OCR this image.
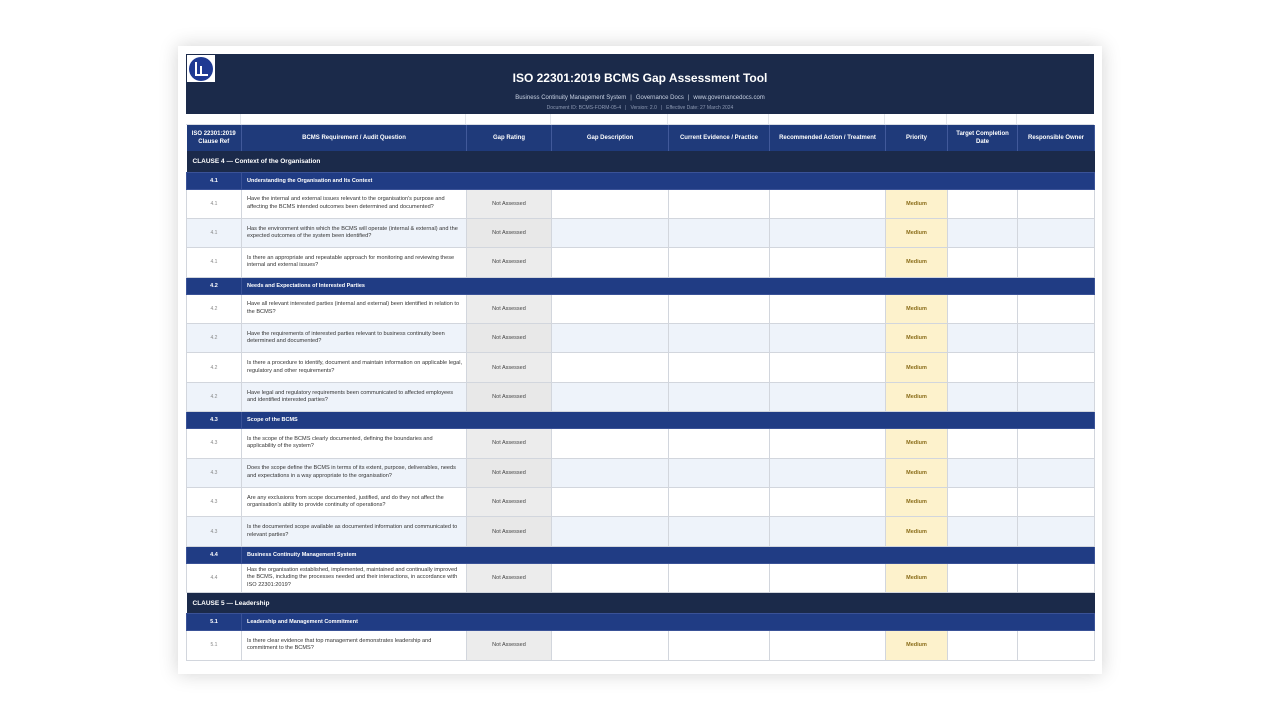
ISO 22301:2019 BCMS Gap Assessment Tool
Business Continuity Management System | Governance Docs | www.governancedocs.com
Document ID: BCMS-FORM-05-4 | Version: 2.0 | Effective Date: 27 March 2024
ISO 22301:2019 Clause Ref	BCMS Requirement / Audit Question	Gap Rating	Gap Description	Current Evidence / Practice	Recommended Action / Treatment	Priority	Target Completion Date	Responsible Owner
CLAUSE 4 — Context of the Organisation								
4.1	Understanding the Organisation and Its Context							
4.1	Have the internal and external issues relevant to the organisation's purpose and affecting the BCMS intended outcomes been determined and documented?	Not Assessed				Medium		
4.1	Has the environment within which the BCMS will operate (internal & external) and the expected outcomes of the system been identified?	Not Assessed				Medium		
4.1	Is there an appropriate and repeatable approach for monitoring and reviewing these internal and external issues?	Not Assessed				Medium		
4.2	Needs and Expectations of Interested Parties							
4.2	Have all relevant interested parties (internal and external) been identified in relation to the BCMS?	Not Assessed				Medium		
4.2	Have the requirements of interested parties relevant to business continuity been determined and documented?	Not Assessed				Medium		
4.2	Is there a procedure to identify, document and maintain information on applicable legal, regulatory and other requirements?	Not Assessed				Medium		
4.2	Have legal and regulatory requirements been communicated to affected employees and identified interested parties?	Not Assessed				Medium		
4.3	Scope of the BCMS							
4.3	Is the scope of the BCMS clearly documented, defining the boundaries and applicability of the system?	Not Assessed				Medium		
4.3	Does the scope define the BCMS in terms of its extent, purpose, deliverables, needs and expectations in a way appropriate to the organisation?	Not Assessed				Medium		
4.3	Are any exclusions from scope documented, justified, and do they not affect the organisation's ability to provide continuity of operations?	Not Assessed				Medium		
4.3	Is the documented scope available as documented information and communicated to relevant parties?	Not Assessed				Medium		
4.4	Business Continuity Management System							
4.4	Has the organisation established, implemented, maintained and continually improved the BCMS, including the processes needed and their interactions, in accordance with ISO 22301:2019?	Not Assessed				Medium		
CLAUSE 5 — Leadership								
5.1	Leadership and Management Commitment							
5.1	Is there clear evidence that top management demonstrates leadership and commitment to the BCMS?	Not Assessed				Medium		
